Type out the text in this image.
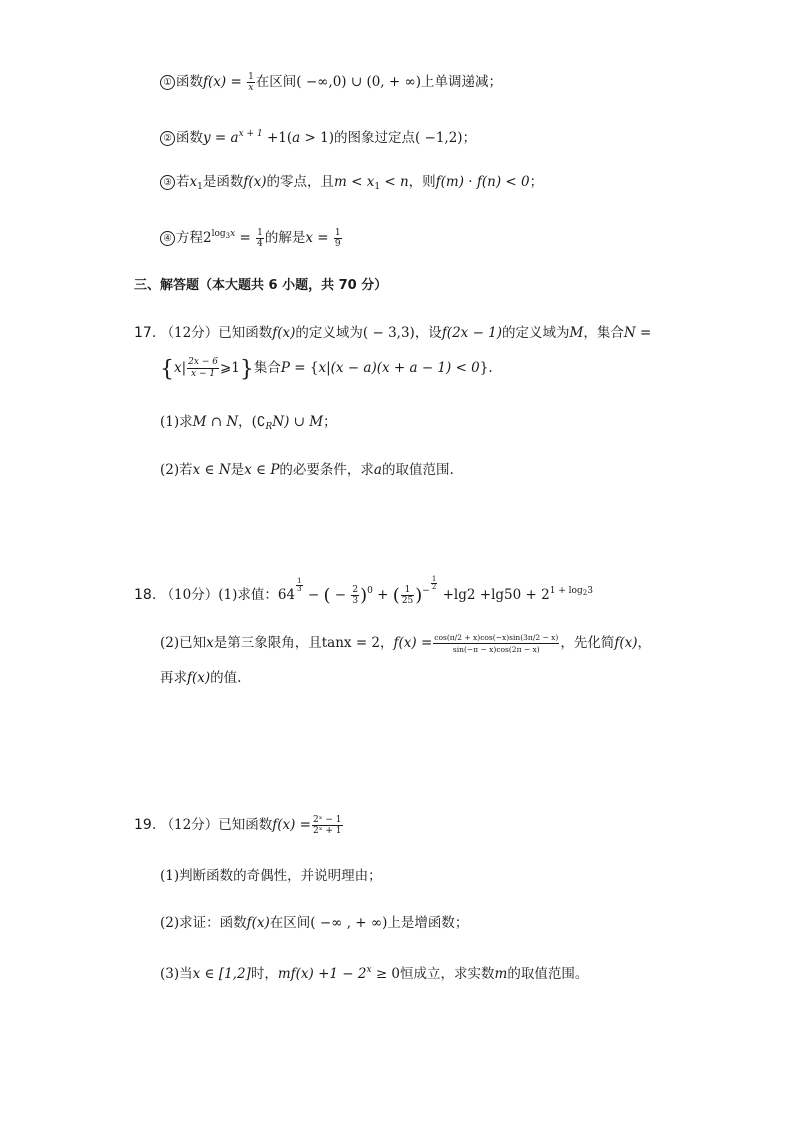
① 函数$f(x) = \frac{1}{x}$ 在区间( −∞,0) ∪ (0, + ∞)上单调递减；
② 函数$y = a^{x + 1} +1(a > 1)$的图象过定点( −1,2)；
③ 若$x_1$是函数f(x)的零点，且$m < x_1 < n$，则f(m) · f(n) < 0；
④ 方程$2^{log_3x} = \frac{1}{4}$ 的解是$x = \frac{1}{9}$
三、解答题（本大题共 6 小题，共 70 分）
17. （12分）已知函数f(x)的定义域为( − 3,3)，设f(2x − 1)的定义域为M，集合N =
{$x| \frac{2x - 6}{x - 1}$ ⩾1}集合P = {x|(x − a)(x + a − 1) < 0}.
(1)求M ∩ N，$(∁_RN)$ ∪ M；
(2)若x ∈ N是x ∈ P的必要条件，求a的取值范围.
18. （10分）(1)求值：64
$\frac{1}{3}$
− ( − $\frac{2}{3} )^0$ + ( $\frac{1}{25} )^- \frac{1}{2}$
$+\lg 2 +\lg 50 + 2^{1 + log_23}$
(2)已知x是第三象限角，且tanx = 2，$f(x) = \frac{\cos(\pi/2 + x)\cos(-x)\sin(3\pi/2 - x)}{\sin(-\pi - x)\cos(2\pi - x)}$ ，先化简f(x)，
再求f(x)的值.
19. （12分）已知函数$f(x) = \frac{\text{2ˣ − 1}}{\text{2ˣ + 1}}$
(1)判断函数的奇偶性，并说明理由；
(2)求证：函数f(x)在区间( −∞ , + ∞)上是增函数；
(3)当x ∈ [1,2]时，$mf(x) +1 - 2^x \ge 0$恒成立，求实数m的取值范围。
